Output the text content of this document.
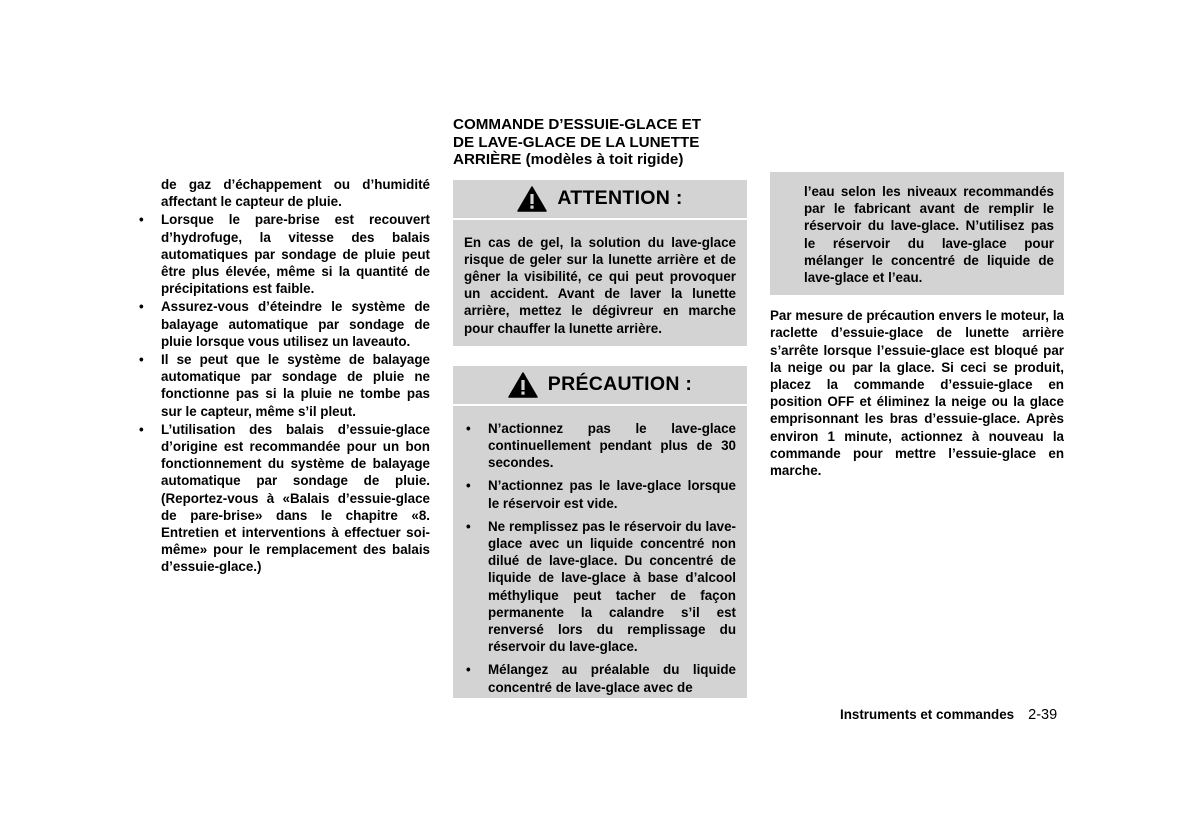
de gaz d’échappement ou d’humidité affectant le capteur de pluie.

• Lorsque le pare-brise est recouvert d’hydrofuge, la vitesse des balais automatiques par sondage de pluie peut être plus élevée, même si la quantité de précipitations est faible.
• Assurez-vous d’éteindre le système de balayage automatique par sondage de pluie lorsque vous utilisez un laveauto.
• Il se peut que le système de balayage automatique par sondage de pluie ne fonctionne pas si la pluie ne tombe pas sur le capteur, même s’il pleut.
• L’utilisation des balais d’essuie-glace d’origine est recommandée pour un bon fonctionnement du système de balayage automatique par sondage de pluie. (Reportez-vous à «Balais d’essuie-glace de pare-brise» dans le chapitre «8. Entretien et interventions à effectuer soi-même» pour le remplacement des balais d’essuie-glace.)
COMMANDE D’ESSUIE-GLACE ET
DE LAVE-GLACE DE LA LUNETTE
ARRIÈRE (modèles à toit rigide)
ATTENTION :

En cas de gel, la solution du lave-glace risque de geler sur la lunette arrière et de gêner la visibilité, ce qui peut provoquer un accident. Avant de laver la lunette arrière, mettez le dégivreur en marche pour chauffer la lunette arrière.

PRÉCAUTION :
• N’actionnez pas le lave-glace continuellement pendant plus de 30 secondes.
• N’actionnez pas le lave-glace lorsque le réservoir est vide.
• Ne remplissez pas le réservoir du lave-glace avec un liquide concentré non dilué de lave-glace. Du concentré de liquide de lave-glace à base d’alcool méthylique peut tacher de façon permanente la calandre s’il est renversé lors du remplissage du réservoir du lave-glace.
• Mélangez au préalable du liquide concentré de lave-glace avec de

l’eau selon les niveaux recommandés par le fabricant avant de remplir le réservoir du lave-glace. N’utilisez pas le réservoir du lave-glace pour mélanger le concentré de liquide de lave-glace et l’eau.

Par mesure de précaution envers le moteur, la raclette d’essuie-glace de lunette arrière s’arrête lorsque l’essuie-glace est bloqué par la neige ou par la glace. Si ceci se produit, placez la commande d’essuie-glace en position OFF et éliminez la neige ou la glace emprisonnant les bras d’essuie-glace. Après environ 1 minute, actionnez à nouveau la commande pour mettre l’essuie-glace en marche.

Instruments et commandes 2-39
